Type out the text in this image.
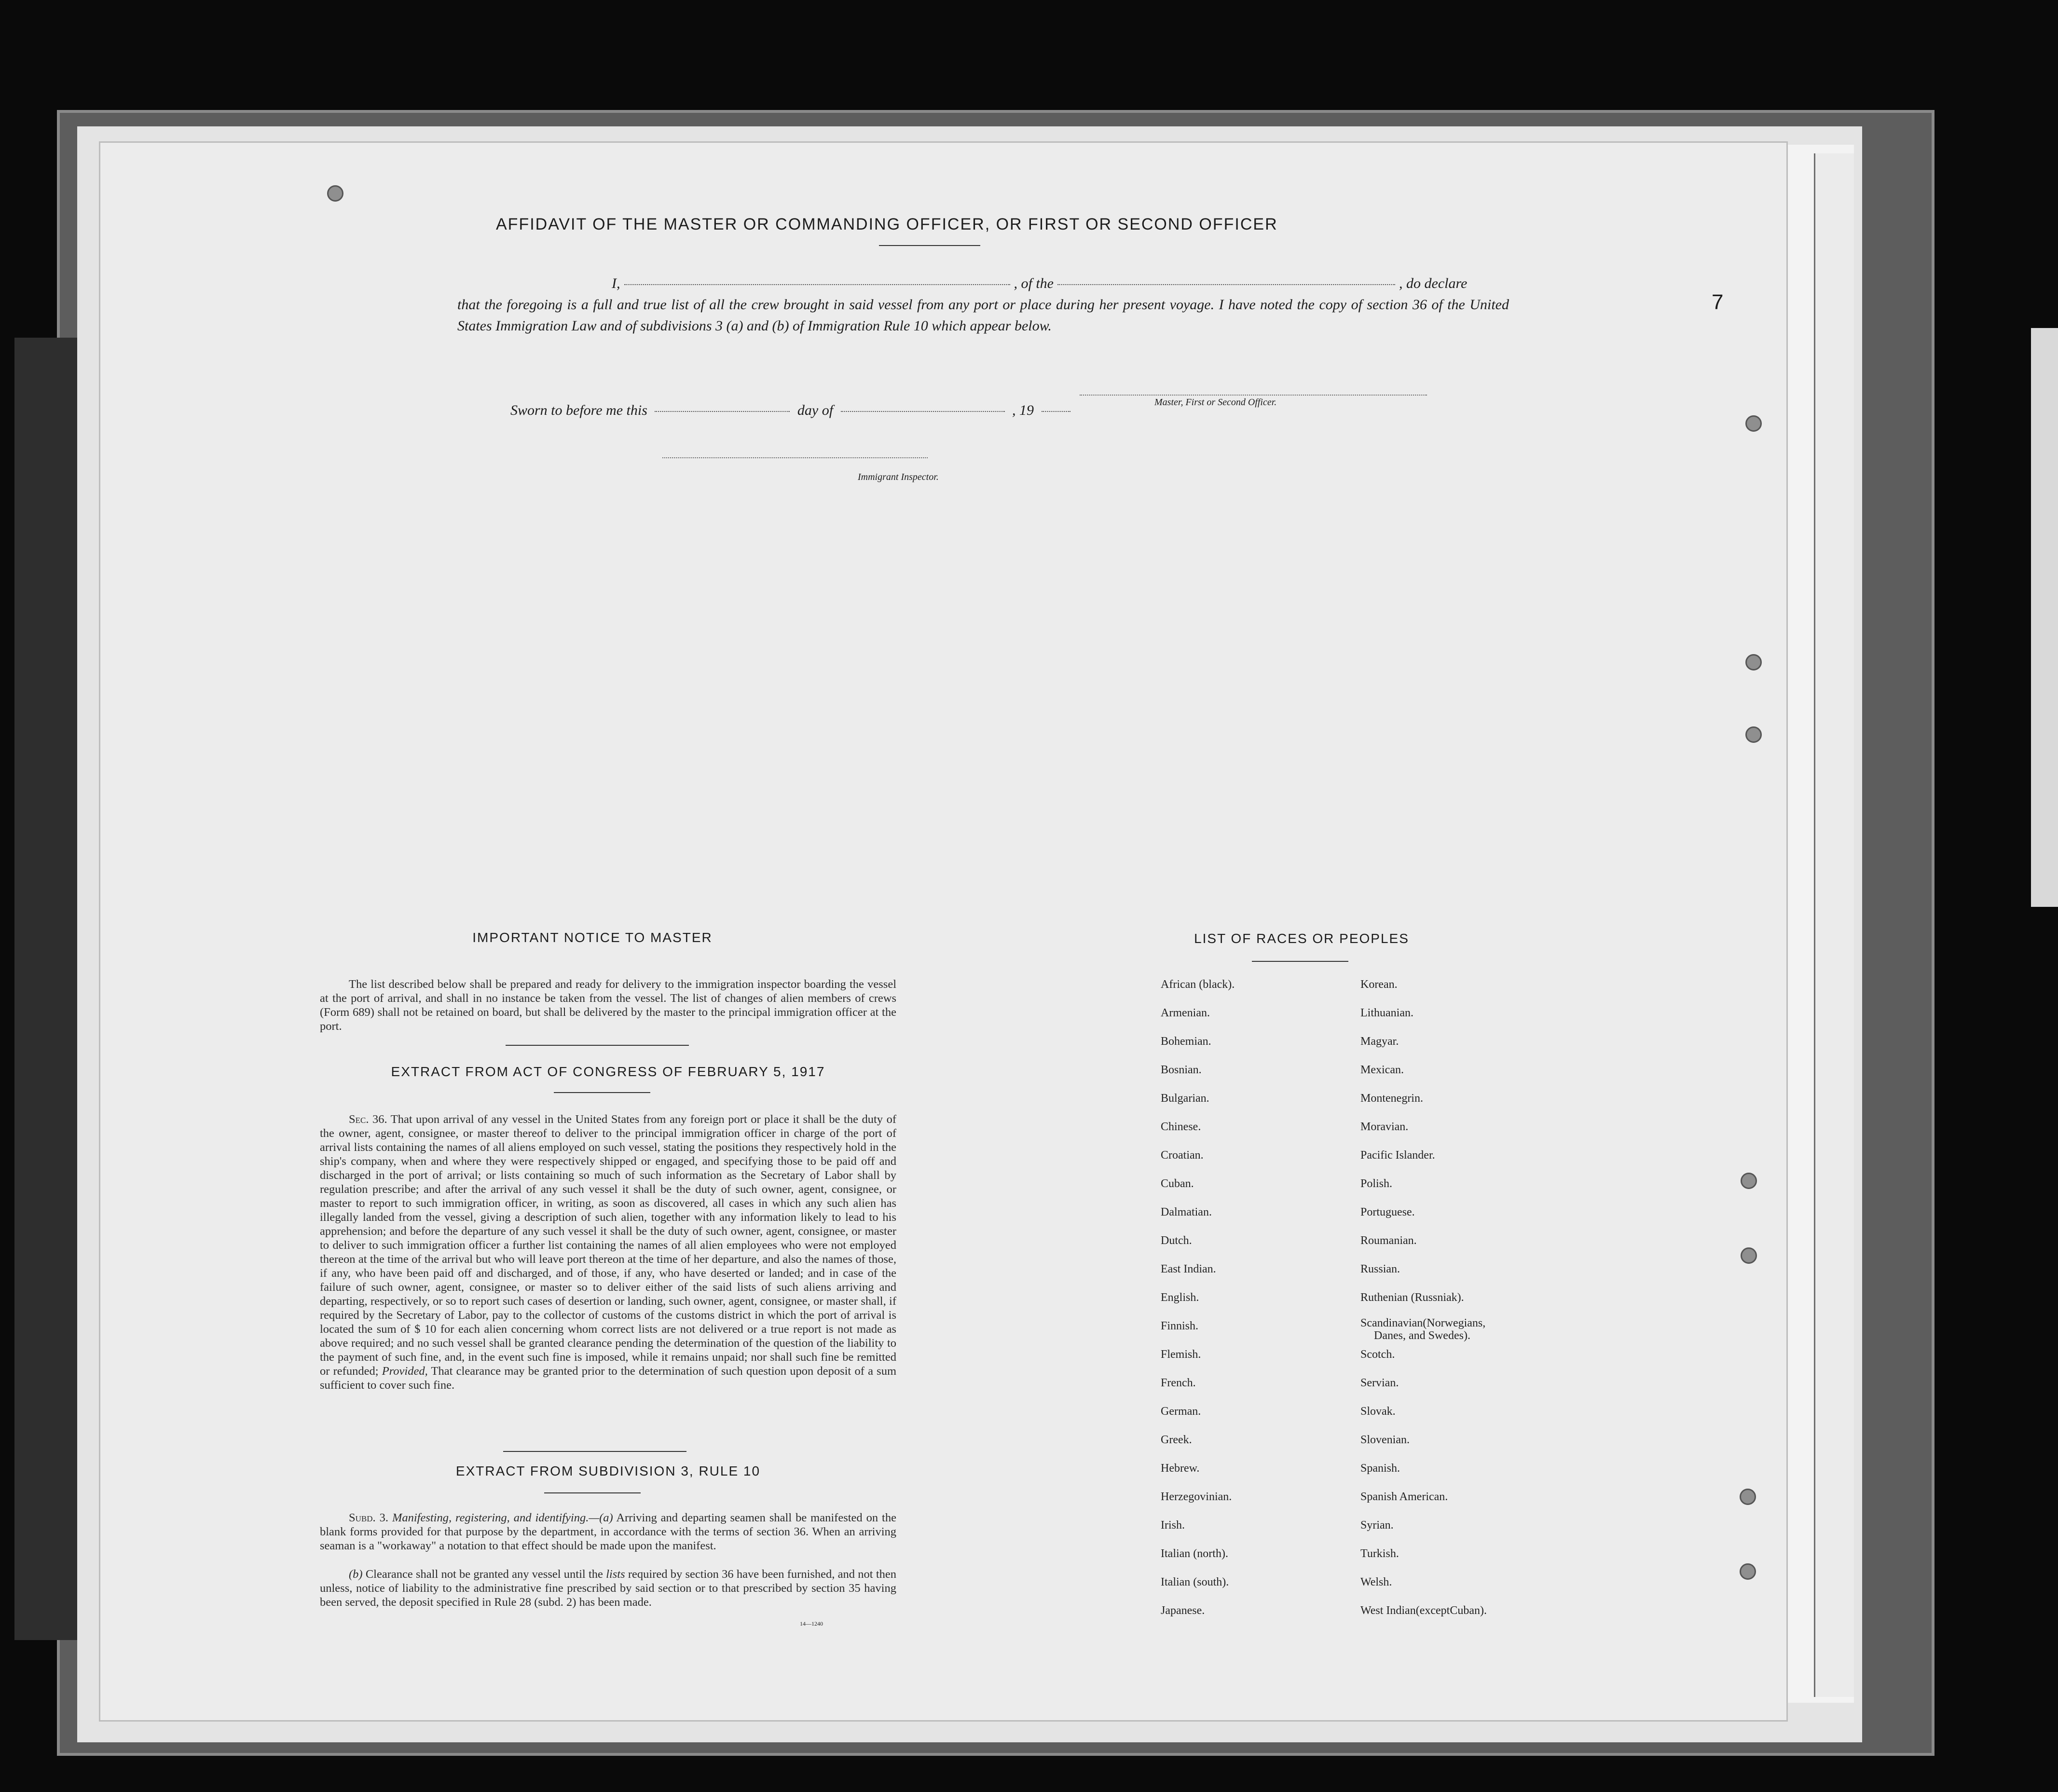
7
AFFIDAVIT OF THE MASTER OR COMMANDING OFFICER, OR FIRST OR SECOND OFFICER
I,	, of the	, do declare

that the foregoing is a full and true list of all the crew brought in said vessel from any port or place during her present voyage. I have noted the copy of section 36 of the United States Immigration Law and of subdivisions 3 (a) and (b) of Immigration Rule 10 which appear below.

Master, First or Second Officer.
Sworn to before me this	day of	, 19
Immigrant Inspector.
IMPORTANT NOTICE TO MASTER
The list described below shall be prepared and ready for delivery to the immigration inspector boarding the vessel at the port of arrival, and shall in no instance be taken from the vessel. The list of changes of alien members of crews (Form 689) shall not be retained on board, but shall be delivered by the master to the principal immigration officer at the port.
EXTRACT FROM ACT OF CONGRESS OF FEBRUARY 5, 1917
Sec. 36. That upon arrival of any vessel in the United States from any foreign port or place it shall be the duty of the owner, agent, consignee, or master thereof to deliver to the principal immigration officer in charge of the port of arrival lists containing the names of all aliens employed on such vessel, stating the positions they respectively hold in the ship's company, when and where they were respectively shipped or engaged, and specifying those to be paid off and discharged in the port of arrival; or lists containing so much of such information as the Secretary of Labor shall by regulation prescribe; and after the arrival of any such vessel it shall be the duty of such owner, agent, consignee, or master to report to such immigration officer, in writing, as soon as discovered, all cases in which any such alien has illegally landed from the vessel, giving a description of such alien, together with any information likely to lead to his apprehension; and before the departure of any such vessel it shall be the duty of such owner, agent, consignee, or master to deliver to such immigration officer a further list containing the names of all alien employees who were not employed thereon at the time of the arrival but who will leave port thereon at the time of her departure, and also the names of those, if any, who have been paid off and discharged, and of those, if any, who have deserted or landed; and in case of the failure of such owner, agent, consignee, or master so to deliver either of the said lists of such aliens arriving and departing, respectively, or so to report such cases of desertion or landing, such owner, agent, consignee, or master shall, if required by the Secretary of Labor, pay to the collector of customs of the customs district in which the port of arrival is located the sum of $ 10 for each alien concerning whom correct lists are not delivered or a true report is not made as above required; and no such vessel shall be granted clearance pending the determination of the question of the liability to the payment of such fine, and, in the event such fine is imposed, while it remains unpaid; nor shall such fine be remitted or refunded; Provided, That clearance may be granted prior to the determination of such question upon deposit of a sum sufficient to cover such fine.
EXTRACT FROM SUBDIVISION 3, RULE 10
Subd. 3. Manifesting, registering, and identifying.—(a) Arriving and departing seamen shall be manifested on the blank forms provided for that purpose by the department, in accordance with the terms of section 36. When an arriving seaman is a "workaway" a notation to that effect should be made upon the manifest.
(b) Clearance shall not be granted any vessel until the lists required by section 36 have been furnished, and not then unless, notice of liability to the administrative fine prescribed by said section or to that prescribed by section 35 having been served, the deposit specified in Rule 28 (subd. 2) has been made.
14—1240
LIST OF RACES OR PEOPLES
African (black).
Armenian.
Bohemian.
Bosnian.
Bulgarian.
Chinese.
Croatian.
Cuban.
Dalmatian.
Dutch.
East Indian.
English.
Finnish.
Flemish.
French.
German.
Greek.
Hebrew.
Herzegovinian.
Irish.
Italian (north).
Italian (south).
Japanese.
Korean.
Lithuanian.
Magyar.
Mexican.
Montenegrin.
Moravian.
Pacific Islander.
Polish.
Portuguese.
Roumanian.
Russian.
Ruthenian (Russniak).
Scandinavian(Norwegians,
Danes, and Swedes).
Scotch.
Servian.
Slovak.
Slovenian.
Spanish.
Spanish American.
Syrian.
Turkish.
Welsh.
West Indian(exceptCuban).
